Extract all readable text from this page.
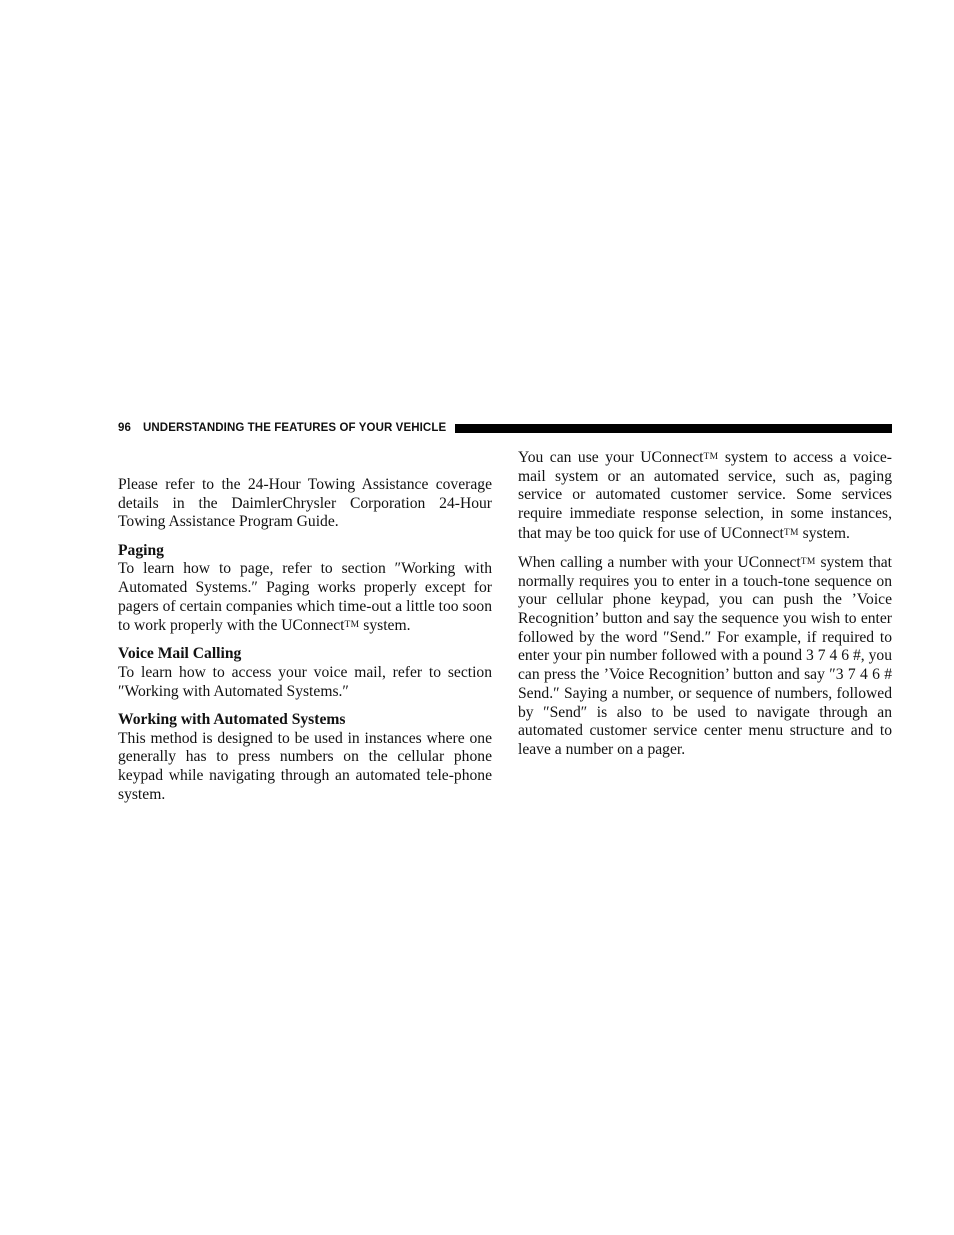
96 UNDERSTANDING THE FEATURES OF YOUR VEHICLE

Please refer to the 24-Hour Towing Assistance coverage details in the DaimlerChrysler Corporation 24-Hour Towing Assistance Program Guide.

Paging

To learn how to page, refer to section ″Working with Automated Systems.″ Paging works properly except for pagers of certain companies which time-out a little too soon to work properly with the UConnectTM system.

Voice Mail Calling

To learn how to access your voice mail, refer to section ″Working with Automated Systems.″

Working with Automated Systems

This method is designed to be used in instances where one generally has to press numbers on the cellular phone keypad while navigating through an automated tele-phone system.

You can use your UConnectTM system to access a voice-mail system or an automated service, such as, paging service or automated customer service. Some services require immediate response selection, in some instances, that may be too quick for use of UConnectTM system.

When calling a number with your UConnectTM system that normally requires you to enter in a touch-tone sequence on your cellular phone keypad, you can push the ’Voice Recognition’ button and say the sequence you wish to enter followed by the word ″Send.″ For example, if required to enter your pin number followed with a pound 3 7 4 6 #, you can press the ’Voice Recognition’ button and say ″3 7 4 6 # Send.″ Saying a number, or sequence of numbers, followed by ″Send″ is also to be used to navigate through an automated customer service center menu structure and to leave a number on a pager.
